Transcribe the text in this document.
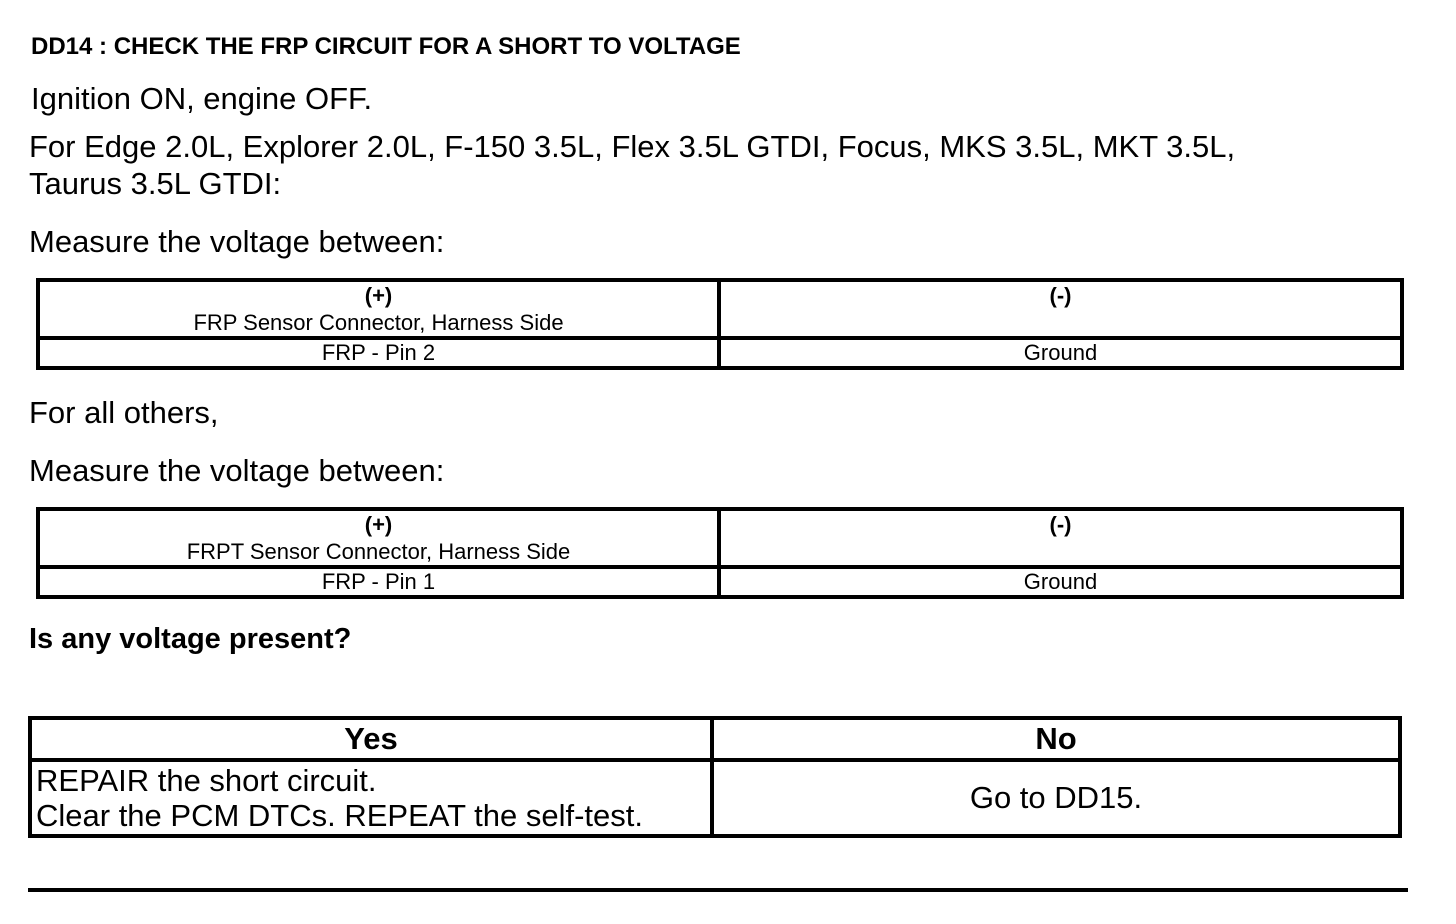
DD14 : CHECK THE FRP CIRCUIT FOR A SHORT TO VOLTAGE

Ignition ON, engine OFF.

For Edge 2.0L, Explorer 2.0L, F-150 3.5L, Flex 3.5L GTDI, Focus, MKS 3.5L, MKT 3.5L,
Taurus 3.5L GTDI:

Measure the voltage between:

(+)
FRP Sensor Connector, Harness Side	(-)

FRP - Pin 2	Ground

For all others,

Measure the voltage between:

(+)
FRPT Sensor Connector, Harness Side	(-)

FRP - Pin 1	Ground

Is any voltage present?

Yes	No
REPAIR the short circuit.
Clear the PCM DTCs. REPEAT the self-test.	Go to DD15.
